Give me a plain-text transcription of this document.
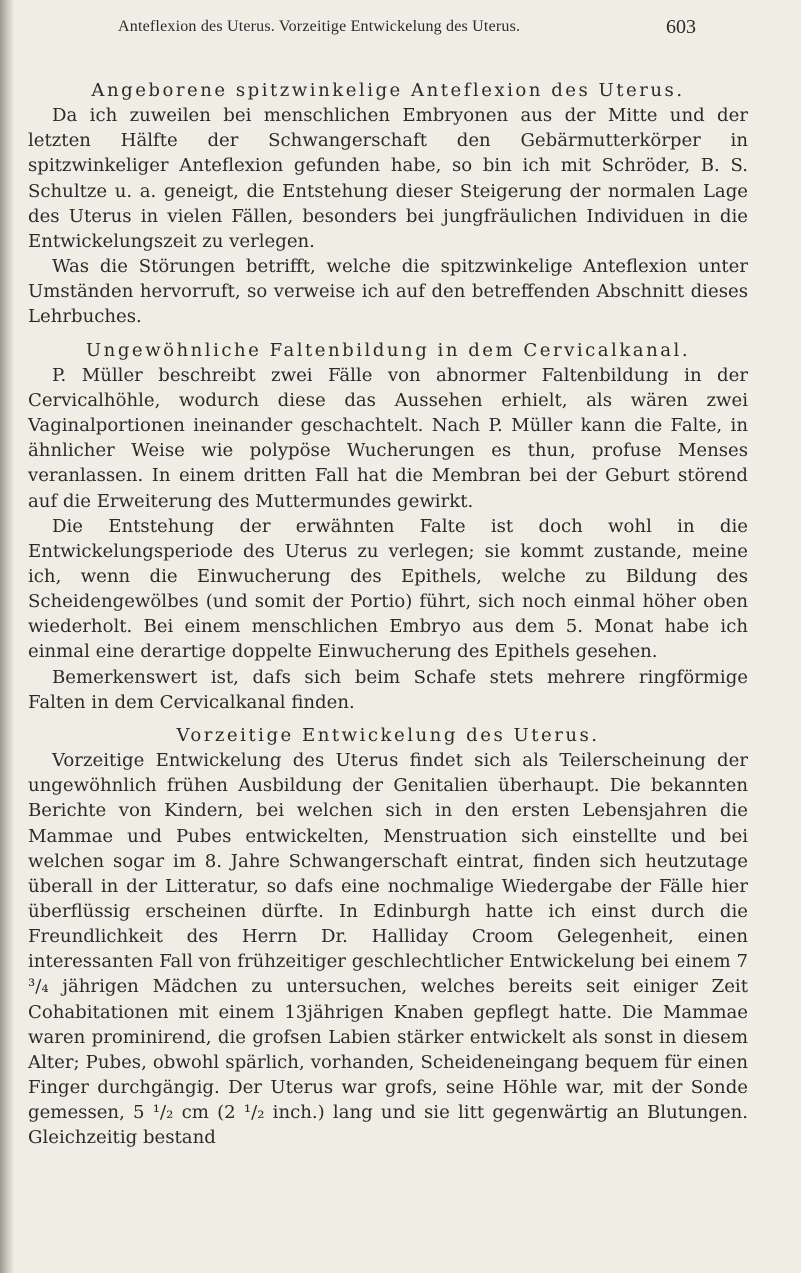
Anteflexion des Uterus. Vorzeitige Entwickelung des Uterus.	603

Angeborene spitzwinkelige Anteflexion des Uterus.

Da ich zuweilen bei menschlichen Embryonen aus der Mitte und der letzten Hälfte der Schwangerschaft den Gebärmutterkörper in spitzwinkeliger Anteflexion gefunden habe, so bin ich mit Schröder, B. S. Schultze u. a. geneigt, die Entstehung dieser Steigerung der normalen Lage des Uterus in vielen Fällen, besonders bei jungfräulichen Individuen in die Entwickelungszeit zu verlegen.

Was die Störungen betrifft, welche die spitzwinkelige Anteflexion unter Umständen hervorruft, so verweise ich auf den betreffenden Abschnitt dieses Lehrbuches.

Ungewöhnliche Faltenbildung in dem Cervicalkanal.

P. Müller beschreibt zwei Fälle von abnormer Faltenbildung in der Cervicalhöhle, wodurch diese das Aussehen erhielt, als wären zwei Vaginalportionen ineinander geschachtelt. Nach P. Müller kann die Falte, in ähnlicher Weise wie polypöse Wucherungen es thun, profuse Menses veranlassen. In einem dritten Fall hat die Membran bei der Geburt störend auf die Erweiterung des Muttermundes gewirkt.

Die Entstehung der erwähnten Falte ist doch wohl in die Entwickelungsperiode des Uterus zu verlegen; sie kommt zustande, meine ich, wenn die Einwucherung des Epithels, welche zu Bildung des Scheidengewölbes (und somit der Portio) führt, sich noch einmal höher oben wiederholt. Bei einem menschlichen Embryo aus dem 5. Monat habe ich einmal eine derartige doppelte Einwucherung des Epithels gesehen.

Bemerkenswert ist, dafs sich beim Schafe stets mehrere ringförmige Falten in dem Cervicalkanal finden.

Vorzeitige Entwickelung des Uterus.

Vorzeitige Entwickelung des Uterus findet sich als Teilerscheinung der ungewöhnlich frühen Ausbildung der Genitalien überhaupt. Die bekannten Berichte von Kindern, bei welchen sich in den ersten Lebensjahren die Mammae und Pubes entwickelten, Menstruation sich einstellte und bei welchen sogar im 8. Jahre Schwangerschaft eintrat, finden sich heutzutage überall in der Litteratur, so dafs eine nochmalige Wiedergabe der Fälle hier überflüssig erscheinen dürfte. In Edinburgh hatte ich einst durch die Freundlichkeit des Herrn Dr. Halliday Croom Gelegenheit, einen interessanten Fall von frühzeitiger geschlechtlicher Entwickelung bei einem 7 ³/₄ jährigen Mädchen zu untersuchen, welches bereits seit einiger Zeit Cohabitationen mit einem 13jährigen Knaben gepflegt hatte. Die Mammae waren prominirend, die grofsen Labien stärker entwickelt als sonst in diesem Alter; Pubes, obwohl spärlich, vorhanden, Scheideneingang bequem für einen Finger durchgängig. Der Uterus war grofs, seine Höhle war, mit der Sonde gemessen, 5 ¹/₂ cm (2 ¹/₂ inch.) lang und sie litt gegenwärtig an Blutungen. Gleichzeitig bestand
